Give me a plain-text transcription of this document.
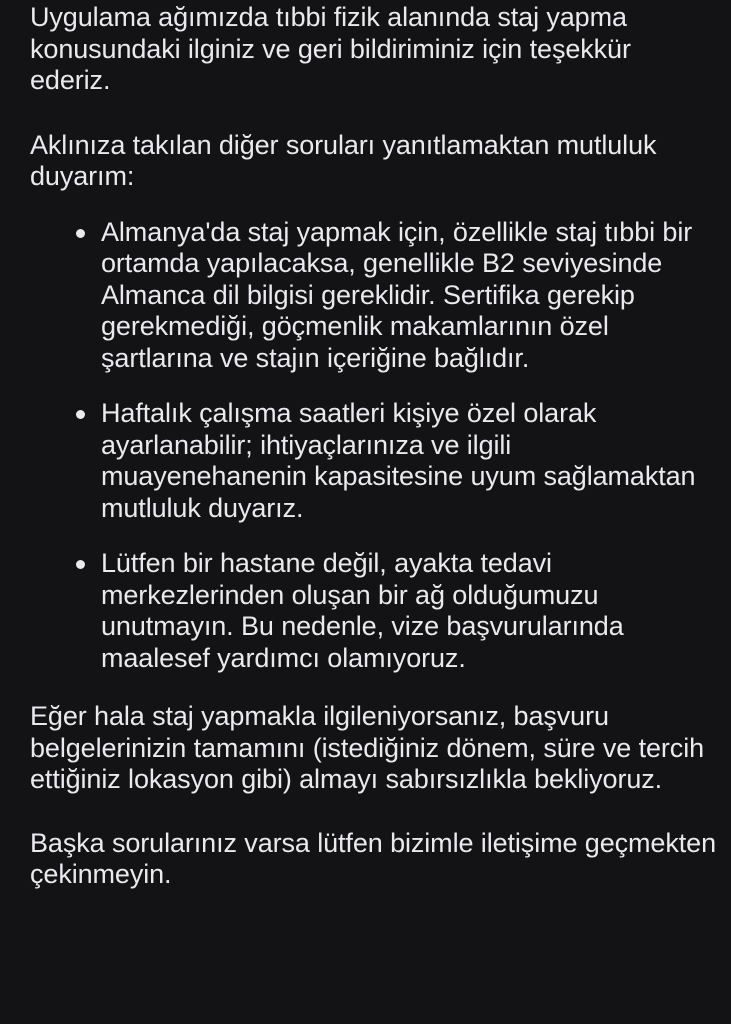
Uygulama ağımızda tıbbi fizik alanında staj yapma konusundaki ilginiz ve geri bildiriminiz için teşekkür ederiz.

Aklınıza takılan diğer soruları yanıtlamaktan mutluluk duyarım:

Almanya'da staj yapmak için, özellikle staj tıbbi bir ortamda yapılacaksa, genellikle B2 seviyesinde Almanca dil bilgisi gereklidir. Sertifika gerekip gerekmediği, göçmenlik makamlarının özel şartlarına ve stajın içeriğine bağlıdır.
Haftalık çalışma saatleri kişiye özel olarak ayarlanabilir; ihtiyaçlarınıza ve ilgili muayenehanenin kapasitesine uyum sağlamaktan mutluluk duyarız.
Lütfen bir hastane değil, ayakta tedavi merkezlerinden oluşan bir ağ olduğumuzu unutmayın. Bu nedenle, vize başvurularında maalesef yardımcı olamıyoruz.

Eğer hala staj yapmakla ilgileniyorsanız, başvuru belgelerinizin tamamını (istediğiniz dönem, süre ve tercih ettiğiniz lokasyon gibi) almayı sabırsızlıkla bekliyoruz.

Başka sorularınız varsa lütfen bizimle iletişime geçmekten çekinmeyin.
